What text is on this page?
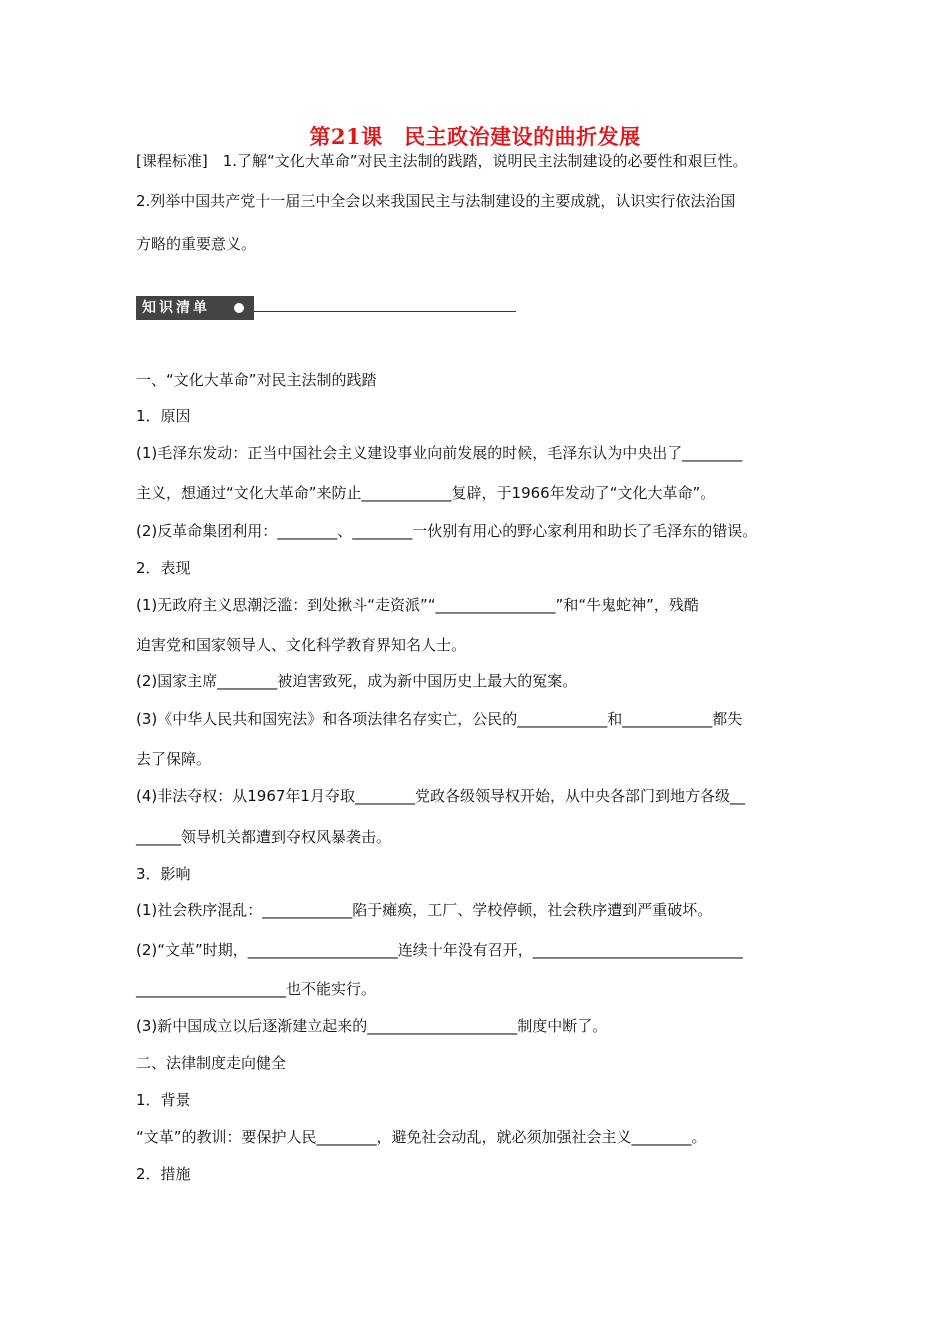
第21课　民主政治建设的曲折发展
[课程标准]　1.了解“文化大革命”对民主法制的践踏，说明民主法制建设的必要性和艰巨性。
2.列举中国共产党十一届三中全会以来我国民主与法制建设的主要成就，认识实行依法治国
方略的重要意义。
知识清单
一、“文化大革命”对民主法制的践踏
1．原因
(1)毛泽东发动：正当中国社会主义建设事业向前发展的时候，毛泽东认为中央出了________
主义，想通过“文化大革命”来防止____________复辟，于1966年发动了“文化大革命”。
(2)反革命集团利用：________、________一伙别有用心的野心家利用和助长了毛泽东的错误。
2．表现
(1)无政府主义思潮泛滥：到处揪斗“走资派”“________________”和“牛鬼蛇神”，残酷
迫害党和国家领导人、文化科学教育界知名人士。
(2)国家主席________被迫害致死，成为新中国历史上最大的冤案。
(3)《中华人民共和国宪法》和各项法律名存实亡，公民的____________和____________都失
去了保障。
(4)非法夺权：从1967年1月夺取________党政各级领导权开始，从中央各部门到地方各级__
______领导机关都遭到夺权风暴袭击。
3．影响
(1)社会秩序混乱：____________陷于瘫痪，工厂、学校停顿，社会秩序遭到严重破坏。
(2)“文革”时期，____________________连续十年没有召开，____________________________
____________________也不能实行。
(3)新中国成立以后逐渐建立起来的____________________制度中断了。
二、法律制度走向健全
1．背景
“文革”的教训：要保护人民________，避免社会动乱，就必须加强社会主义________。
2．措施
